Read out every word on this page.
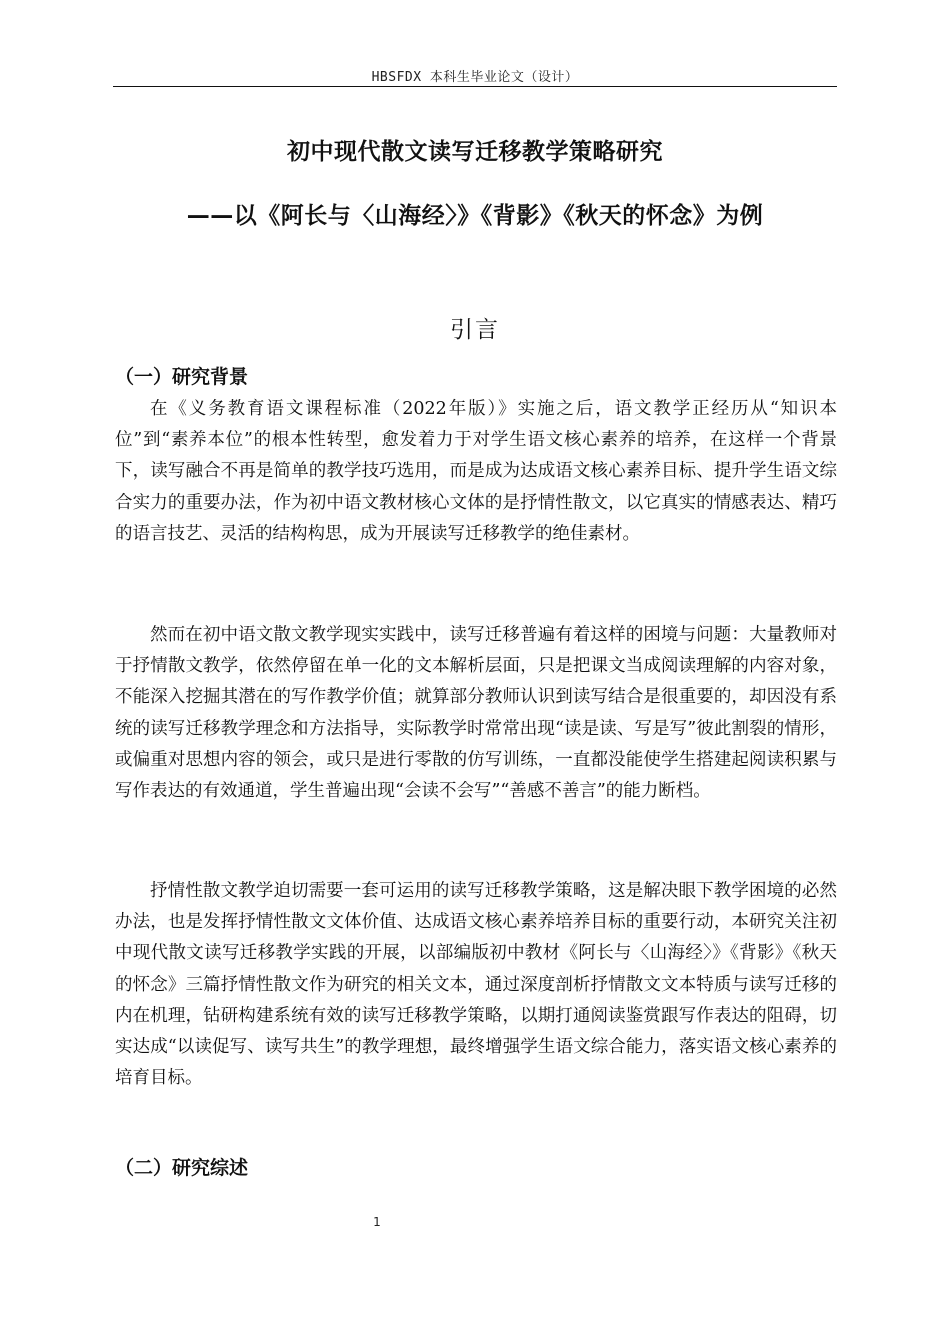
HBSFDX 本科生毕业论文（设计）
初中现代散文读写迁移教学策略研究
——以《阿长与〈山海经〉》《背影》《秋天的怀念》为例
引言
（一）研究背景

在《义务教育语文课程标准（2022年版）》实施之后，语文教学正经历从“知识本位”到“素养本位”的根本性转型，愈发着力于对学生语文核心素养的培养，在这样一个背景下，读写融合不再是简单的教学技巧选用，而是成为达成语文核心素养目标、提升学生语文综合实力的重要办法，作为初中语文教材核心文体的是抒情性散文，以它真实的情感表达、精巧的语言技艺、灵活的结构构思，成为开展读写迁移教学的绝佳素材。

然而在初中语文散文教学现实实践中，读写迁移普遍有着这样的困境与问题：大量教师对于抒情散文教学，依然停留在单一化的文本解析层面，只是把课文当成阅读理解的内容对象，不能深入挖掘其潜在的写作教学价值；就算部分教师认识到读写结合是很重要的，却因没有系统的读写迁移教学理念和方法指导，实际教学时常常出现“读是读、写是写”彼此割裂的情形，或偏重对思想内容的领会，或只是进行零散的仿写训练，一直都没能使学生搭建起阅读积累与写作表达的有效通道，学生普遍出现“会读不会写”“善感不善言”的能力断档。

抒情性散文教学迫切需要一套可运用的读写迁移教学策略，这是解决眼下教学困境的必然办法，也是发挥抒情性散文文体价值、达成语文核心素养培养目标的重要行动，本研究关注初中现代散文读写迁移教学实践的开展，以部编版初中教材《阿长与〈山海经〉》《背影》《秋天的怀念》三篇抒情性散文作为研究的相关文本，通过深度剖析抒情散文文本特质与读写迁移的内在机理，钻研构建系统有效的读写迁移教学策略，以期打通阅读鉴赏跟写作表达的阻碍，切实达成“以读促写、读写共生”的教学理想，最终增强学生语文综合能力，落实语文核心素养的培育目标。

（二）研究综述
1
